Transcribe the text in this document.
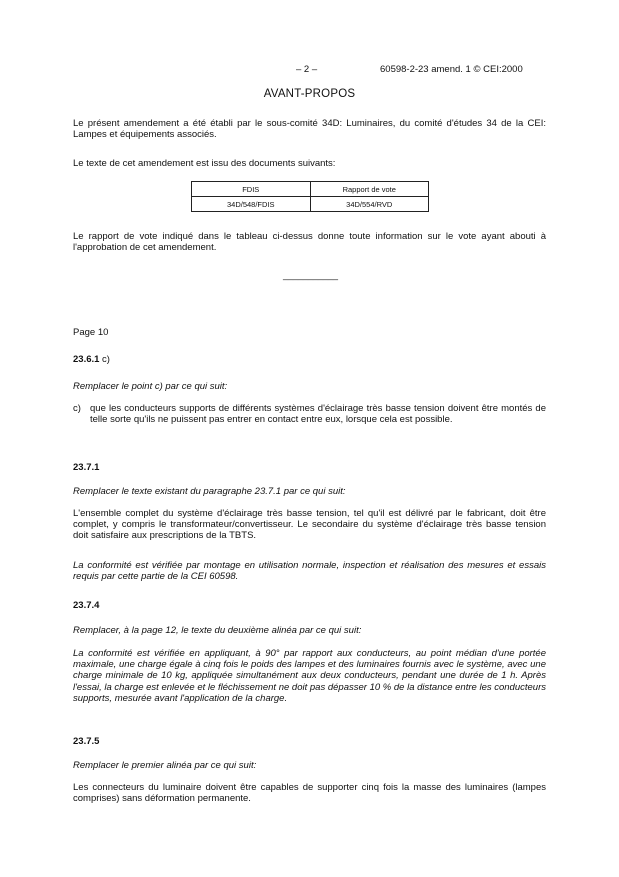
– 2 –	60598-2-23 amend. 1 © CEI:2000
AVANT-PROPOS

Le présent amendement a été établi par le sous-comité 34D: Luminaires, du comité d'études 34 de la CEI: Lampes et équipements associés.

Le texte de cet amendement est issu des documents suivants:

FDIS	Rapport de vote
34D/548/FDIS	34D/554/RVD

Le rapport de vote indiqué dans le tableau ci-dessus donne toute information sur le vote ayant abouti à l'approbation de cet amendement.

___________

Page 10

23.6.1 c)

Remplacer le point c) par ce qui suit:

c) que les conducteurs supports de différents systèmes d'éclairage très basse tension doivent être montés de telle sorte qu'ils ne puissent pas entrer en contact entre eux, lorsque cela est possible.

23.7.1

Remplacer le texte existant du paragraphe 23.7.1 par ce qui suit:

L'ensemble complet du système d'éclairage très basse tension, tel qu'il est délivré par le fabricant, doit être complet, y compris le transformateur/convertisseur. Le secondaire du système d'éclairage très basse tension doit satisfaire aux prescriptions de la TBTS.

La conformité est vérifiée par montage en utilisation normale, inspection et réalisation des mesures et essais requis par cette partie de la CEI 60598.

23.7.4

Remplacer, à la page 12, le texte du deuxième alinéa par ce qui suit:

La conformité est vérifiée en appliquant, à 90° par rapport aux conducteurs, au point médian d'une portée maximale, une charge égale à cinq fois le poids des lampes et des luminaires fournis avec le système, avec une charge minimale de 10 kg, appliquée simultanément aux deux conducteurs, pendant une durée de 1 h. Après l'essai, la charge est enlevée et le fléchissement ne doit pas dépasser 10 % de la distance entre les conducteurs supports, mesurée avant l'application de la charge.

23.7.5

Remplacer le premier alinéa par ce qui suit:

Les connecteurs du luminaire doivent être capables de supporter cinq fois la masse des luminaires (lampes comprises) sans déformation permanente.
